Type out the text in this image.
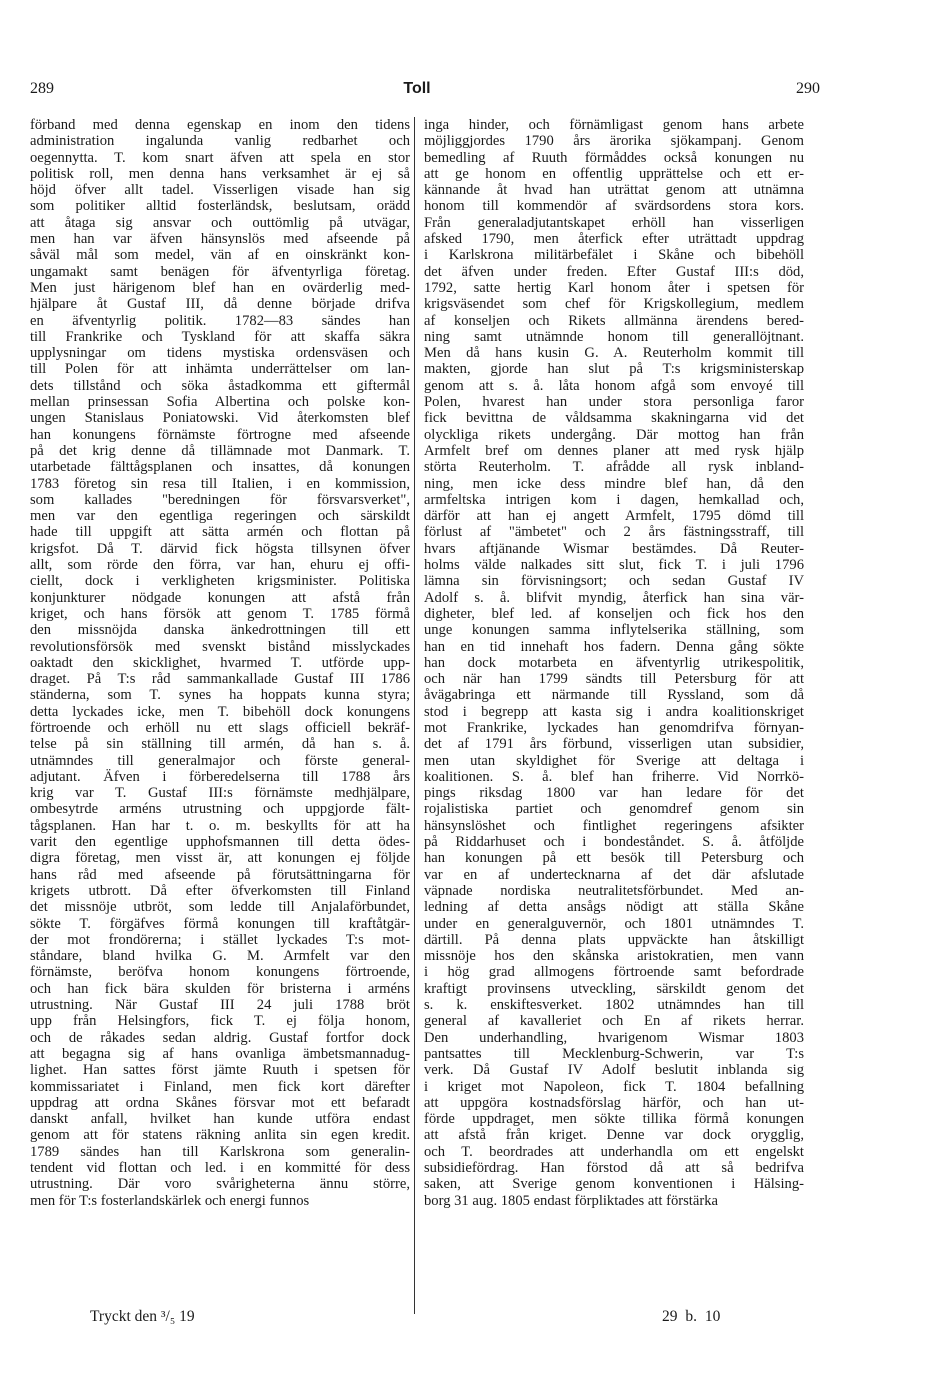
289	Toll	290
förband med denna egenskap en inom den tidens
administration ingalunda vanlig redbarhet och
oegennytta. T. kom snart äfven att spela en stor
politisk roll, men denna hans verksamhet är ej så
höjd öfver allt tadel. Visserligen visade han sig
som politiker alltid fosterländsk, beslutsam, orädd
att åtaga sig ansvar och outtömlig på utvägar,
men han var äfven hänsynslös med afseende på
såväl mål som medel, vän af en oinskränkt kon-
ungamakt samt benägen för äfventyrliga företag.
Men just härigenom blef han en ovärderlig med-
hjälpare åt Gustaf III, då denne började drifva
en äfventyrlig politik. 1782—83 sändes han
till Frankrike och Tyskland för att skaffa säkra
upplysningar om tidens mystiska ordensväsen och
till Polen för att inhämta underrättelser om lan-
dets tillstånd och söka åstadkomma ett giftermål
mellan prinsessan Sofia Albertina och polske kon-
ungen Stanislaus Poniatowski. Vid återkomsten blef
han konungens förnämste förtrogne med afseende
på det krig denne då tillämnade mot Danmark. T.
utarbetade fälttågsplanen och insattes, då konungen
1783 företog sin resa till Italien, i en kommission,
som kallades "beredningen för försvarsverket",
men var den egentliga regeringen och särskildt
hade till uppgift att sätta armén och flottan på
krigsfot. Då T. därvid fick högsta tillsynen öfver
allt, som rörde den förra, var han, ehuru ej offi-
ciellt, dock i verkligheten krigsminister. Politiska
konjunkturer nödgade konungen att afstå från
kriget, och hans försök att genom T. 1785 förmå
den missnöjda danska änkedrottningen till ett
revolutionsförsök med svenskt bistånd misslyckades
oaktadt den skicklighet, hvarmed T. utförde upp-
draget. På T:s råd sammankallade Gustaf III 1786
ständerna, som T. synes ha hoppats kunna styra;
detta lyckades icke, men T. bibehöll dock konungens
förtroende och erhöll nu ett slags officiell bekräf-
telse på sin ställning till armén, då han s. å.
utnämndes till generalmajor och förste general-
adjutant. Äfven i förberedelserna till 1788 års
krig var T. Gustaf III:s förnämste medhjälpare,
ombesytrde arméns utrustning och uppgjorde fält-
tågsplanen. Han har t. o. m. beskyllts för att ha
varit den egentlige upphofsmannen till detta ödes-
digra företag, men visst är, att konungen ej följde
hans råd med afseende på förutsättningarna för
krigets utbrott. Då efter öfverkomsten till Finland
det missnöje utbröt, som ledde till Anjalaförbundet,
sökte T. förgäfves förmå konungen till kraftåtgär-
der mot frondörerna; i stället lyckades T:s mot-
ståndare, bland hvilka G. M. Armfelt var den
förnämste, beröfva honom konungens förtroende,
och han fick bära skulden för bristerna i arméns
utrustning. När Gustaf III 24 juli 1788 bröt
upp från Helsingfors, fick T. ej följa honom,
och de råkades sedan aldrig. Gustaf fortfor dock
att begagna sig af hans ovanliga ämbetsmannadug-
lighet. Han sattes först jämte Ruuth i spetsen för
kommissariatet i Finland, men fick kort därefter
uppdrag att ordna Skånes försvar mot ett befaradt
danskt anfall, hvilket han kunde utföra endast
genom att för statens räkning anlita sin egen kredit.
1789 sändes han till Karlskrona som generalin-
tendent vid flottan och led. i en kommitté för dess
utrustning. Där voro svårigheterna ännu större,
men för T:s fosterlandskärlek och energi funnos
inga hinder, och förnämligast genom hans arbete
möjliggjordes 1790 års ärorika sjökampanj. Genom
bemedling af Ruuth förmåddes också konungen nu
att ge honom en offentlig upprättelse och ett er-
kännande åt hvad han uträttat genom att utnämna
honom till kommendör af svärdsordens stora kors.
Från generaladjutantskapet erhöll han visserligen
afsked 1790, men återfick efter uträttadt uppdrag
i Karlskrona militärbefälet i Skåne och bibehöll
det äfven under freden. Efter Gustaf III:s död,
1792, satte hertig Karl honom åter i spetsen för
krigsväsendet som chef för Krigskollegium, medlem
af konseljen och Rikets allmänna ärendens bered-
ning samt utnämnde honom till generallöjtnant.
Men då hans kusin G. A. Reuterholm kommit till
makten, gjorde han slut på T:s krigsministerskap
genom att s. å. låta honom afgå som envoyé till
Polen, hvarest han under stora personliga faror
fick bevittna de våldsamma skakningarna vid det
olyckliga rikets undergång. Där mottog han från
Armfelt bref om dennes planer att med rysk hjälp
störta Reuterholm. T. afrådde all rysk inbland-
ning, men icke dess mindre blef han, då den
armfeltska intrigen kom i dagen, hemkallad och,
därför att han ej angett Armfelt, 1795 dömd till
förlust af "ämbetet" och 2 års fästningsstraff, till
hvars aftjänande Wismar bestämdes. Då Reuter-
holms välde nalkades sitt slut, fick T. i juli 1796
lämna sin förvisningsort; och sedan Gustaf IV
Adolf s. å. blifvit myndig, återfick han sina vär-
digheter, blef led. af konseljen och fick hos den
unge konungen samma inflytelserika ställning, som
han en tid innehaft hos fadern. Denna gång sökte
han dock motarbeta en äfventyrlig utrikespolitik,
och när han 1799 sändts till Petersburg för att
åvägabringa ett närmande till Ryssland, som då
stod i begrepp att kasta sig i andra koalitionskriget
mot Frankrike, lyckades han genomdrifva förnyan-
det af 1791 års förbund, visserligen utan subsidier,
men utan skyldighet för Sverige att deltaga i
koalitionen. S. å. blef han friherre. Vid Norrkö-
pings riksdag 1800 var han ledare för det
rojalistiska partiet och genomdref genom sin
hänsynslöshet och fintlighet regeringens afsikter
på Riddarhuset och i bondeståndet. S. å. åtföljde
han konungen på ett besök till Petersburg och
var en af undertecknarna af det där afslutade
väpnade nordiska neutralitetsförbundet. Med an-
ledning af detta ansågs nödigt att ställa Skåne
under en generalguvernör, och 1801 utnämndes T.
därtill. På denna plats uppväckte han åtskilligt
missnöje hos den skånska aristokratien, men vann
i hög grad allmogens förtroende samt befordrade
kraftigt provinsens utveckling, särskildt genom det
s. k. enskiftesverket. 1802 utnämndes han till
general af kavalleriet och En af rikets herrar.
Den underhandling, hvarigenom Wismar 1803
pantsattes till Mecklenburg-Schwerin, var T:s
verk. Då Gustaf IV Adolf beslutit inblanda sig
i kriget mot Napoleon, fick T. 1804 befallning
att uppgöra kostnadsförslag härför, och han ut-
förde uppdraget, men sökte tillika förmå konungen
att afstå från kriget. Denne var dock orygglig,
och T. beordrades att underhandla om ett engelskt
subsidiefördrag. Han förstod då att så bedrifva
saken, att Sverige genom konventionen i Hälsing-
borg 31 aug. 1805 endast förpliktades att förstärka
Tryckt den ³/₅ 19	29 b. 10
